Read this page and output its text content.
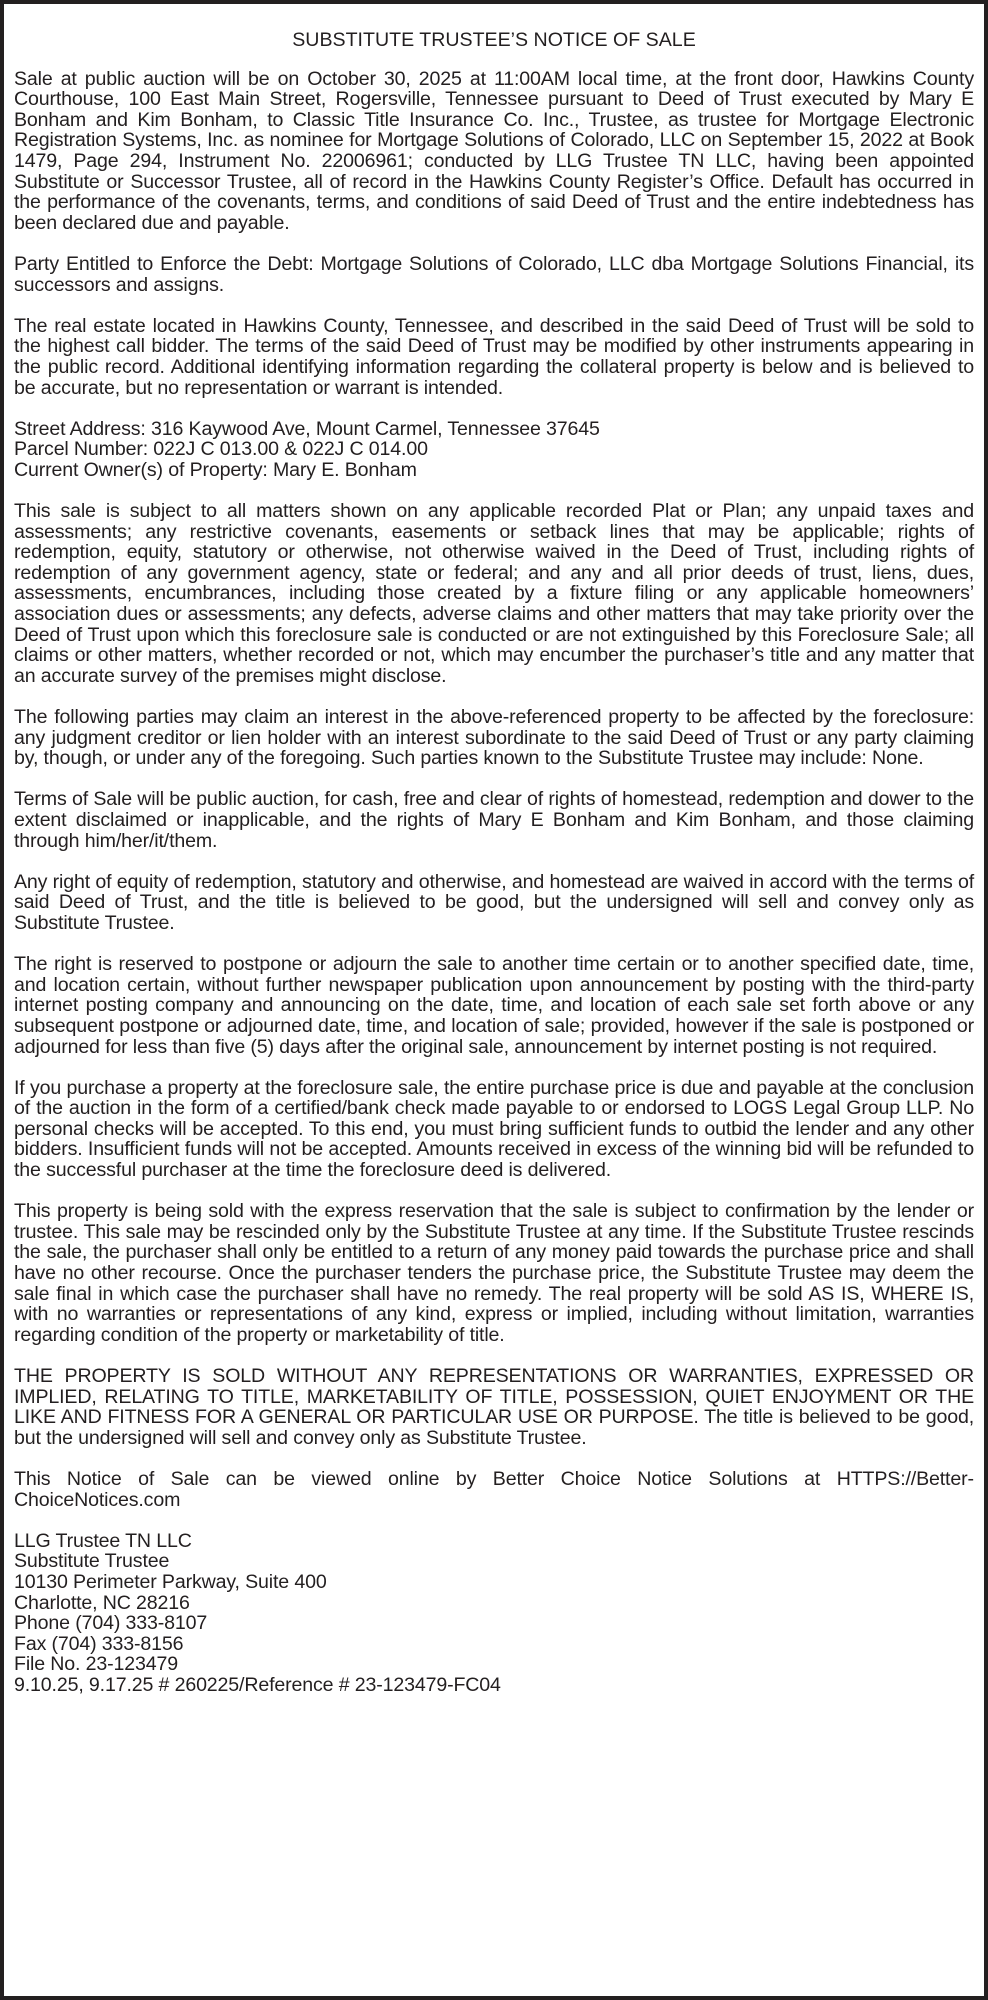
SUBSTITUTE TRUSTEE’S NOTICE OF SALE

Sale at public auction will be on October 30, 2025 at 11:00AM local time, at the front door, Hawkins County Courthouse, 100 East Main Street, Rogersville, Tennessee pursuant to Deed of Trust executed by Mary E Bonham and Kim Bonham, to Classic Title Insurance Co. Inc., Trustee, as trustee for Mortgage Electronic Registration Systems, Inc. as nominee for Mortgage Solutions of Colorado, LLC on September 15, 2022 at Book 1479, Page 294, Instrument No. 22006961; conducted by LLG Trustee TN LLC, having been appointed Substitute or Successor Trustee, all of record in the Hawkins County Register’s Office. Default has occurred in the performance of the covenants, terms, and conditions of said Deed of Trust and the entire indebtedness has been declared due and payable.

Party Entitled to Enforce the Debt: Mortgage Solutions of Colorado, LLC dba Mortgage Solutions Financial, its successors and assigns.

The real estate located in Hawkins County, Tennessee, and described in the said Deed of Trust will be sold to the highest call bidder. The terms of the said Deed of Trust may be modified by other instruments appearing in the public record. Additional identifying information regarding the collateral property is below and is believed to be accurate, but no representation or warrant is intended.

Street Address: 316 Kaywood Ave, Mount Carmel, Tennessee 37645
Parcel Number: 022J C 013.00 & 022J C 014.00
Current Owner(s) of Property: Mary E. Bonham

This sale is subject to all matters shown on any applicable recorded Plat or Plan; any unpaid taxes and assessments; any restrictive covenants, easements or setback lines that may be applicable; rights of redemption, equity, statutory or otherwise, not otherwise waived in the Deed of Trust, including rights of redemption of any government agency, state or federal; and any and all prior deeds of trust, liens, dues, assessments, encumbrances, including those created by a fixture filing or any applicable homeowners’ association dues or assessments; any defects, adverse claims and other matters that may take priority over the Deed of Trust upon which this foreclosure sale is conducted or are not extinguished by this Foreclosure Sale; all claims or other matters, whether recorded or not, which may encumber the purchaser’s title and any matter that an accurate survey of the premises might disclose.

The following parties may claim an interest in the above-referenced property to be affected by the foreclosure: any judgment creditor or lien holder with an interest subordinate to the said Deed of Trust or any party claiming by, though, or under any of the foregoing. Such parties known to the Substitute Trustee may include: None.

Terms of Sale will be public auction, for cash, free and clear of rights of homestead, redemption and dower to the extent disclaimed or inapplicable, and the rights of Mary E Bonham and Kim Bonham, and those claiming through him/her/it/them.

Any right of equity of redemption, statutory and otherwise, and homestead are waived in accord with the terms of said Deed of Trust, and the title is believed to be good, but the undersigned will sell and convey only as Substitute Trustee.

The right is reserved to postpone or adjourn the sale to another time certain or to another specified date, time, and location certain, without further newspaper publication upon announcement by posting with the third-party internet posting company and announcing on the date, time, and location of each sale set forth above or any subsequent postpone or adjourned date, time, and location of sale; provided, however if the sale is postponed or adjourned for less than five (5) days after the original sale, announcement by internet posting is not required.

If you purchase a property at the foreclosure sale, the entire purchase price is due and payable at the conclusion of the auction in the form of a certified/bank check made payable to or endorsed to LOGS Legal Group LLP. No personal checks will be accepted. To this end, you must bring sufficient funds to outbid the lender and any other bidders. Insufficient funds will not be accepted. Amounts received in excess of the winning bid will be refunded to the successful purchaser at the time the foreclosure deed is delivered.

This property is being sold with the express reservation that the sale is subject to confirmation by the lender or trustee. This sale may be rescinded only by the Substitute Trustee at any time. If the Substitute Trustee rescinds the sale, the purchaser shall only be entitled to a return of any money paid towards the purchase price and shall have no other recourse. Once the purchaser tenders the purchase price, the Substitute Trustee may deem the sale final in which case the purchaser shall have no remedy. The real property will be sold AS IS, WHERE IS, with no warranties or representations of any kind, express or implied, including without limitation, warranties regarding condition of the property or marketability of title.

THE PROPERTY IS SOLD WITHOUT ANY REPRESENTATIONS OR WARRANTIES, EXPRESSED OR IMPLIED, RELATING TO TITLE, MARKETABILITY OF TITLE, POSSESSION, QUIET ENJOYMENT OR THE LIKE AND FITNESS FOR A GENERAL OR PARTICULAR USE OR PURPOSE. The title is believed to be good, but the undersigned will sell and convey only as Substitute Trustee.

This Notice of Sale can be viewed online by Better Choice Notice Solutions at HTTPS://BetterChoiceNotices.com

LLG Trustee TN LLC
Substitute Trustee
10130 Perimeter Parkway, Suite 400
Charlotte, NC 28216
Phone (704) 333-8107
Fax (704) 333-8156
File No. 23-123479
9.10.25, 9.17.25 # 260225/Reference # 23-123479-FC04
